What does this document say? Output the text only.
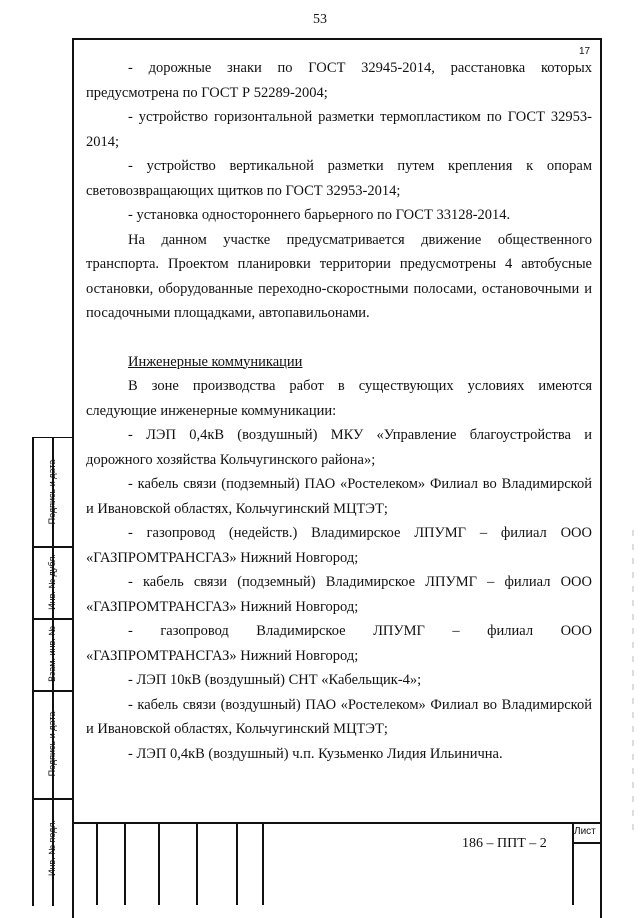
53
17

- дорожные знаки по ГОСТ 32945-2014, расстановка которых предусмотрена по ГОСТ Р 52289-2004;

- устройство горизонтальной разметки термопластиком по ГОСТ 32953-2014;

- устройство вертикальной разметки путем крепления к опорам световозвращающих щитков по ГОСТ 32953-2014;

- установка одностороннего барьерного по ГОСТ 33128-2014.

На данном участке предусматривается движение общественного транспорта. Проектом планировки территории предусмотрены 4 автобусные остановки, оборудованные переходно-скоростными полосами, остановочными и посадочными площадками, автопавильонами.

Инженерные коммуникации

В зоне производства работ в существующих условиях имеются следующие инженерные коммуникации:

- ЛЭП 0,4кВ (воздушный) МКУ «Управление благоустройства и дорожного хозяйства Кольчугинского района»;

- кабель связи (подземный) ПАО «Ростелеком» Филиал во Владимирской и Ивановской областях, Кольчугинский МЦТЭТ;

- газопровод (недейств.) Владимирское ЛПУМГ – филиал ООО «ГАЗПРОМТРАНСГАЗ» Нижний Новгород;

- кабель связи (подземный) Владимирское ЛПУМГ – филиал ООО «ГАЗПРОМТРАНСГАЗ» Нижний Новгород;

- газопровод Владимирское ЛПУМГ – филиал ООО «ГАЗПРОМТРАНСГАЗ» Нижний Новгород;

- ЛЭП 10кВ (воздушный) СНТ «Кабельщик-4»;

- кабель связи (воздушный) ПАО «Ростелеком» Филиал во Владимирской и Ивановской областях, Кольчугинский МЦТЭТ;

- ЛЭП 0,4кВ (воздушный) ч.п. Кузьменко Лидия Ильинична.

Подпись и дата
Инв. № дубл.
Взам. инв. №
Подпись и дата
Инв. № подл.	Лист
186 – ППТ – 2
